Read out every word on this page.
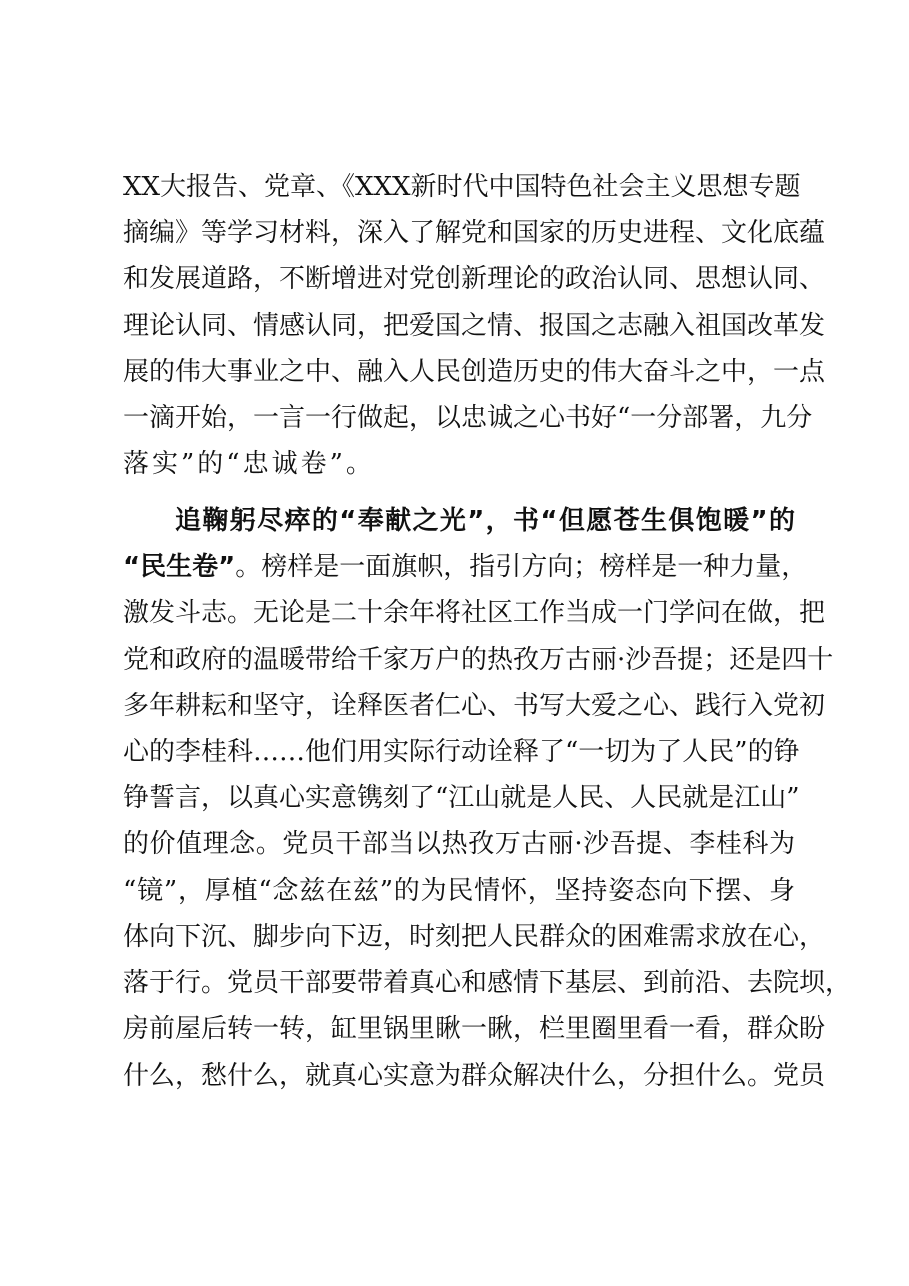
XX大报告、党章、《XXX新时代中国特色社会主义思想专题
摘编》等学习材料，深入了解党和国家的历史进程、文化底蕴
和发展道路，不断增进对党创新理论的政治认同、思想认同、
理论认同、情感认同，把爱国之情、报国之志融入祖国改革发
展的伟大事业之中、融入人民创造历史的伟大奋斗之中，一点
一滴开始，一言一行做起，以忠诚之心书好“一分部署，九分
落实”的“忠诚卷”。
追鞠躬尽瘁的“奉献之光”，书“但愿苍生俱饱暖”的
“民生卷”。榜样是一面旗帜，指引方向；榜样是一种力量，
激发斗志。无论是二十余年将社区工作当成一门学问在做，把
党和政府的温暖带给千家万户的热孜万古丽·沙吾提；还是四十
多年耕耘和坚守，诠释医者仁心、书写大爱之心、践行入党初
心的李桂科……他们用实际行动诠释了“一切为了人民”的铮
铮誓言，以真心实意镌刻了“江山就是人民、人民就是江山”
的价值理念。党员干部当以热孜万古丽·沙吾提、李桂科为
“镜”，厚植“念兹在兹”的为民情怀，坚持姿态向下摆、身
体向下沉、脚步向下迈，时刻把人民群众的困难需求放在心，
落于行。党员干部要带着真心和感情下基层、到前沿、去院坝，
房前屋后转一转，缸里锅里瞅一瞅，栏里圈里看一看，群众盼
什么，愁什么，就真心实意为群众解决什么，分担什么。党员
